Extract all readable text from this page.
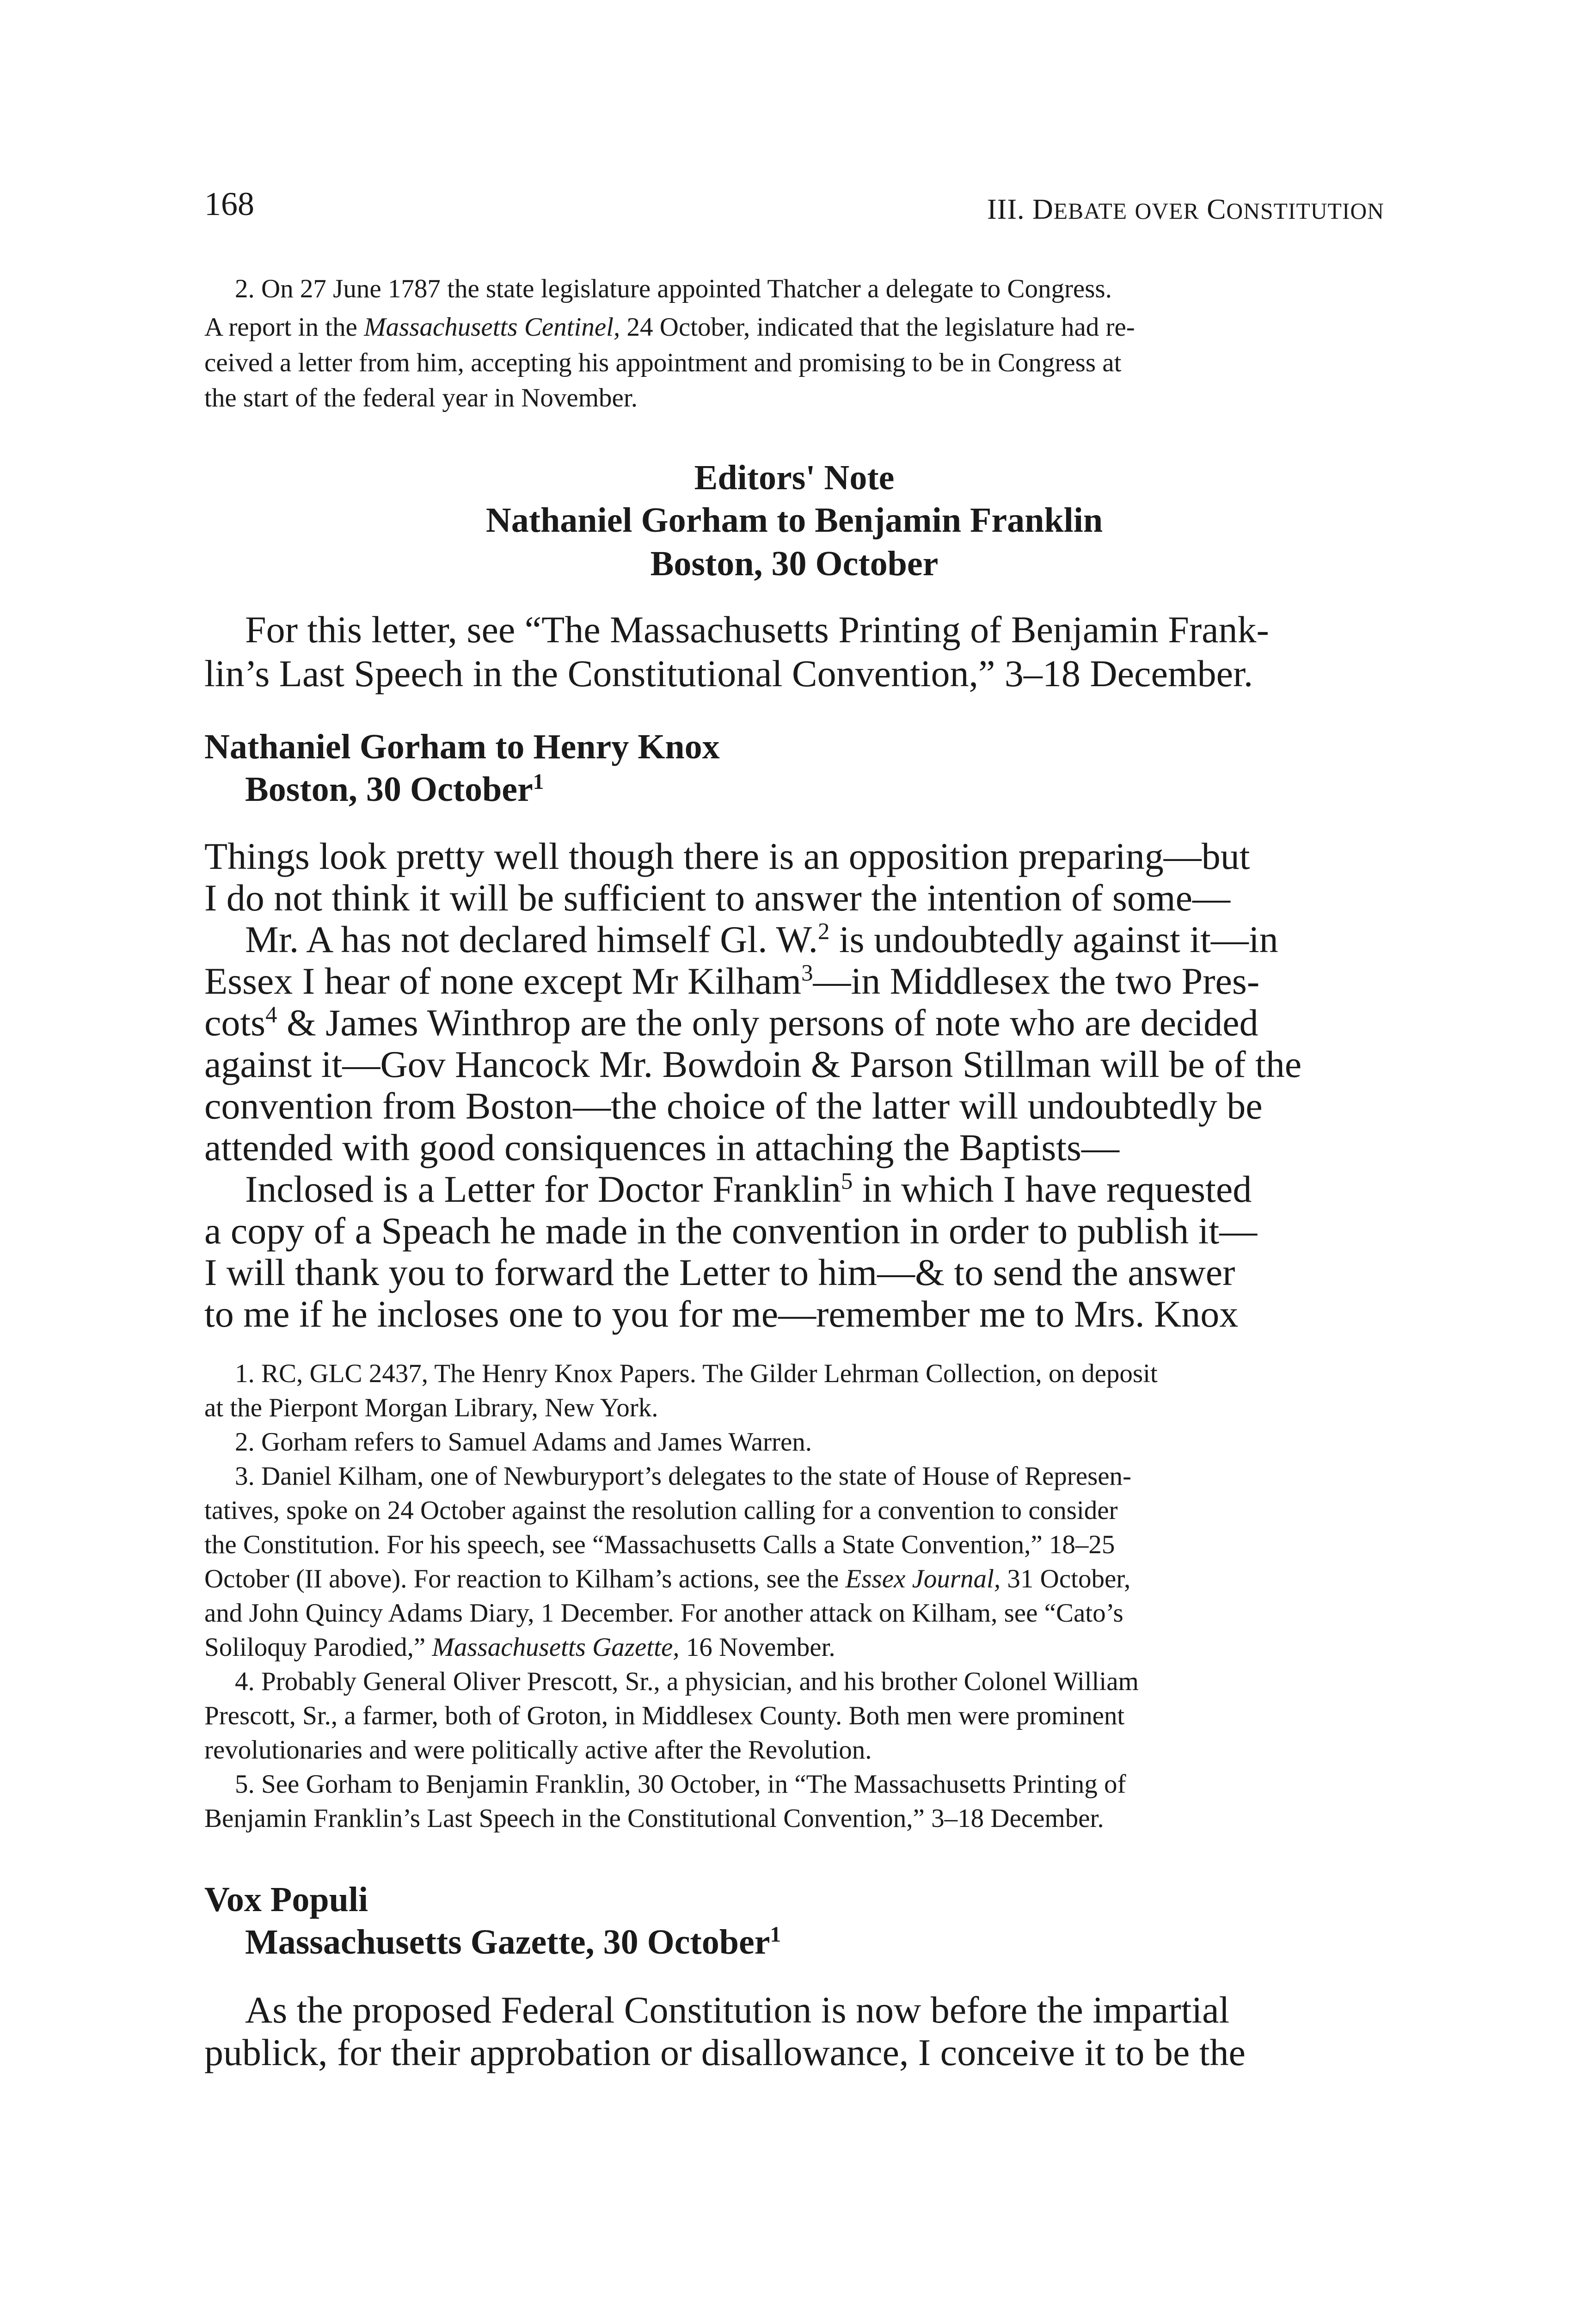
168	III. DEBATE OVER CONSTITUTION
2. On 27 June 1787 the state legislature appointed Thatcher a delegate to Congress.
A report in the Massachusetts Centinel, 24 October, indicated that the legislature had re-
ceived a letter from him, accepting his appointment and promising to be in Congress at
the start of the federal year in November.
Editors' Note
Nathaniel Gorham to Benjamin Franklin
Boston, 30 October
For this letter, see “The Massachusetts Printing of Benjamin Frank-
lin’s Last Speech in the Constitutional Convention,” 3–18 December.
Nathaniel Gorham to Henry Knox
Boston, 30 October$^1$
Things look pretty well though there is an opposition preparing—but
I do not think it will be sufficient to answer the intention of some—
Mr. A has not declared himself Gl. W.$^2$ is undoubtedly against it—in
Essex I hear of none except Mr Kilham$^3$—in Middlesex the two Pres-
cots$^4$ & James Winthrop are the only persons of note who are decided
against it—Gov Hancock Mr. Bowdoin & Parson Stillman will be of the
convention from Boston—the choice of the latter will undoubtedly be
attended with good consiquences in attaching the Baptists—
Inclosed is a Letter for Doctor Franklin$^5$ in which I have requested
a copy of a Speach he made in the convention in order to publish it—
I will thank you to forward the Letter to him—& to send the answer
to me if he incloses one to you for me—remember me to Mrs. Knox
1. RC, GLC 2437, The Henry Knox Papers. The Gilder Lehrman Collection, on deposit
at the Pierpont Morgan Library, New York.
2. Gorham refers to Samuel Adams and James Warren.
3. Daniel Kilham, one of Newburyport’s delegates to the state of House of Represen-
tatives, spoke on 24 October against the resolution calling for a convention to consider
the Constitution. For his speech, see “Massachusetts Calls a State Convention,” 18–25
October (II above). For reaction to Kilham’s actions, see the Essex Journal, 31 October,
and John Quincy Adams Diary, 1 December. For another attack on Kilham, see “Cato’s
Soliloquy Parodied,” Massachusetts Gazette, 16 November.
4. Probably General Oliver Prescott, Sr., a physician, and his brother Colonel William
Prescott, Sr., a farmer, both of Groton, in Middlesex County. Both men were prominent
revolutionaries and were politically active after the Revolution.
5. See Gorham to Benjamin Franklin, 30 October, in “The Massachusetts Printing of
Benjamin Franklin’s Last Speech in the Constitutional Convention,” 3–18 December.
Vox Populi
Massachusetts Gazette, 30 October$^1$
As the proposed Federal Constitution is now before the impartial
publick, for their approbation or disallowance, I conceive it to be the
